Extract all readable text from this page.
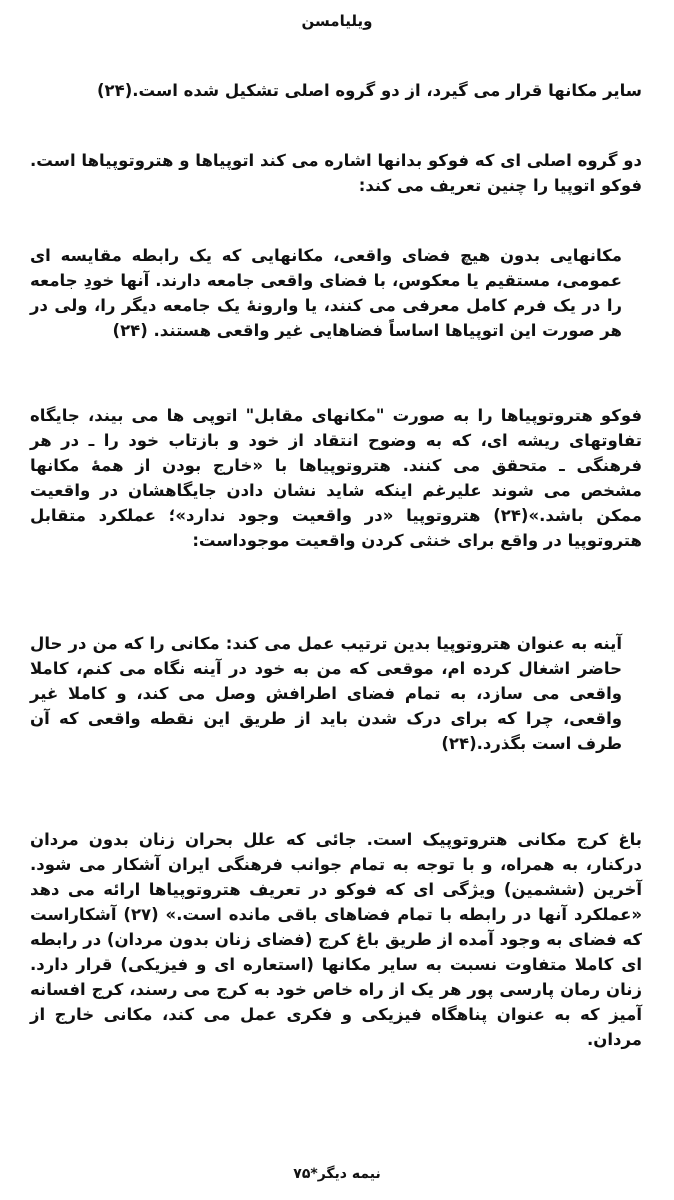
ویلیامسن

سایر مکانها قرار می گیرد، از دو گروه اصلی تشکیل شده است.(۲۴)

دو گروه اصلی ای که فوکو بدانها اشاره می کند اتوپیاها و هتروتوپیاها است. فوکو اتوپیا را چنین تعریف می کند:

مکانهایی بدون هیچ فضای واقعی، مکانهایی که یک رابطه مقایسه ای عمومی، مستقیم یا معکوس، با فضای واقعی جامعه دارند. آنها خودِ جامعه را در یک فرم کامل معرفی می کنند، یا وارونهٔ یک جامعه دیگر را، ولی در هر صورت این اتوپیاها اساساً فضاهایی غیر واقعی هستند. (۲۴)

فوکو هتروتوپیاها را به صورت "مکانهای مقابل" اتوپی ها می بیند، جایگاه تفاوتهای ریشه ای، که به وضوح انتقاد از خود و بازتاب خود را ـ در هر فرهنگی ـ متحقق می کنند. هتروتوپیاها با «خارج بودن از همهٔ مکانها مشخص می شوند علیرغم اینکه شاید نشان دادن جایگاهشان در واقعیت ممکن باشد.»(۲۴) هتروتوپیا «در واقعیت وجود ندارد»؛ عملکرد متقابل هتروتوپیا در واقع برای خنثی کردن واقعیت موجوداست:

آینه به عنوان هتروتوپیا بدین ترتیب عمل می کند: مکانی را که من در حال حاضر اشغال کرده ام، موقعی که من به خود در آینه نگاه می کنم، کاملا واقعی می سازد، به تمام فضای اطرافش وصل می کند، و کاملا غیر واقعی، چرا که برای درک شدن باید از طریق این نقطه واقعی که آن طرف است بگذرد.(۲۴)

باغ کرج مکانی هتروتوپیک است. جائی که علل بحران زنان بدون مردان درکنار، به همراه، و با توجه به تمام جوانب فرهنگی ایران آشکار می شود. آخرین (ششمین) ویژگی ای که فوکو در تعریف هتروتوپیاها ارائه می دهد «عملکرد آنها در رابطه با تمام فضاهای باقی مانده است.» (۲۷) آشکاراست که فضای به وجود آمده از طریق باغ کرج (فضای زنان بدون مردان) در رابطه ای کاملا متفاوت نسبت به سایر مکانها (استعاره ای و فیزیکی) قرار دارد. زنان رمان پارسی پور هر یک از راه خاص خود به کرج می رسند، کرج افسانه آمیز که به عنوان پناهگاه فیزیکی و فکری عمل می کند، مکانی خارج از مردان.

نیمه دیگر*۷۵
